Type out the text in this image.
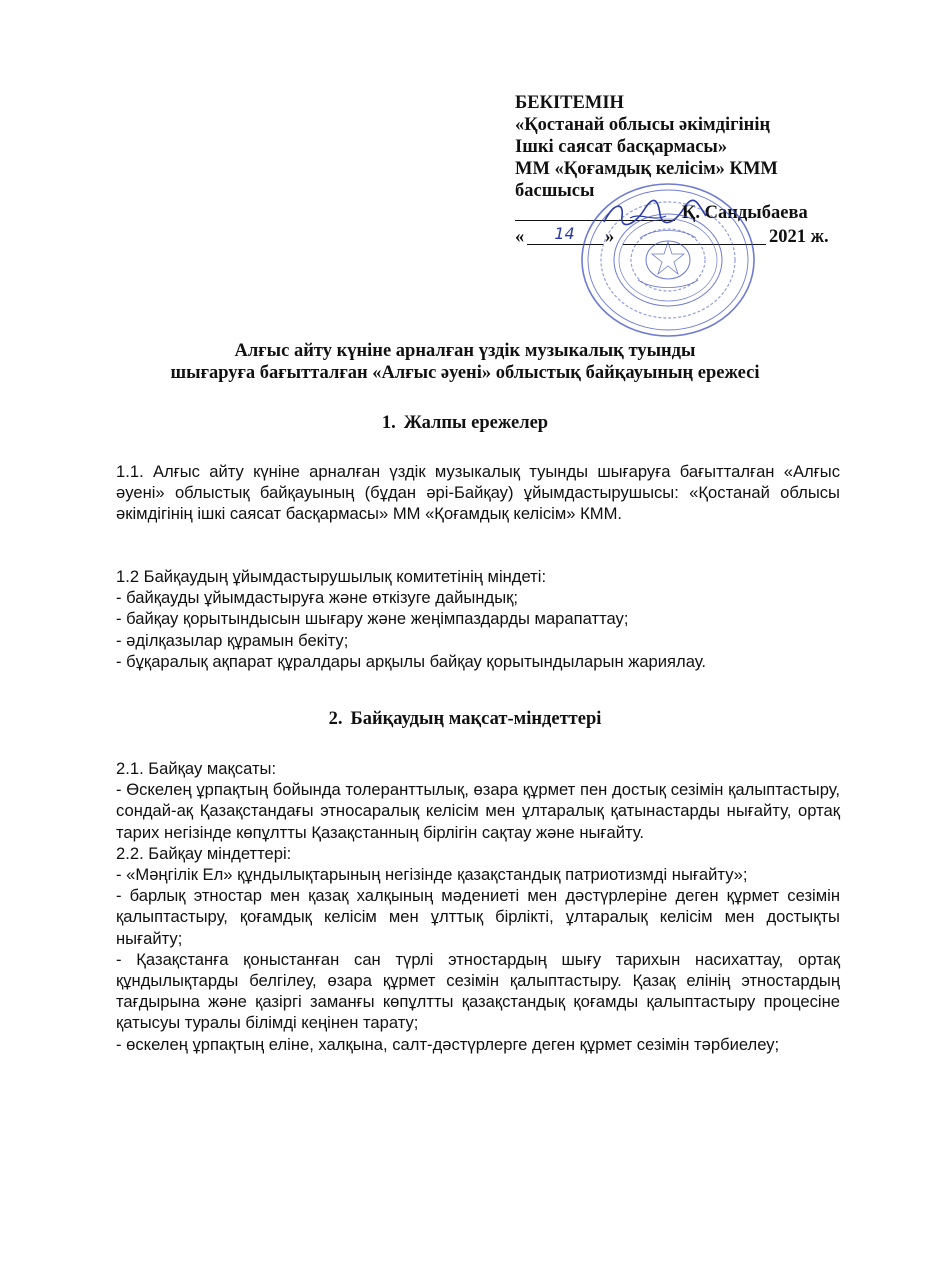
БЕКІТЕМІН
«Қостанай облысы әкімдігінің
Ішкі саясат басқармасы»
ММ «Қоғамдық келісім» КММ
басшысы
Қ. Сандыбаева
«	14	»	2021 ж.
Алғыс айту күніне арналған үздік музыкалық туынды
шығаруға бағытталған «Алғыс әуені» облыстық байқауының ережесі
1. Жалпы ережелер

1.1. Алғыс айту күніне арналған үздік музыкалық туынды шығаруға бағытталған «Алғыс әуені» облыстық байқауының (бұдан әрі-Байқау) ұйымдастырушысы: «Қостанай облысы әкімдігінің ішкі саясат басқармасы» ММ «Қоғамдық келісім» КММ.

1.2 Байқаудың ұйымдастырушылық комитетінің міндеті:

- байқауды ұйымдастыруға және өткізуге дайындық;

- байқау қорытындысын шығару және жеңімпаздарды марапаттау;

- әділқазылар құрамын бекіту;

- бұқаралық ақпарат құралдары арқылы байқау қорытындыларын жариялау.

2. Байқаудың мақсат-міндеттері

2.1. Байқау мақсаты:

- Өскелең ұрпақтың бойында толеранттылық, өзара құрмет пен достық сезімін қалыптастыру, сондай-ақ Қазақстандағы этносаралық келісім мен ұлтаралық қатынастарды нығайту, ортақ тарих негізінде көпұлтты Қазақстанның бірлігін сақтау және нығайту.

2.2. Байқау міндеттері:

- «Мәңгілік Ел» құндылықтарының негізінде қазақстандық патриотизмді нығайту»;

- барлық этностар мен қазақ халқының мәдениеті мен дәстүрлеріне деген құрмет сезімін қалыптастыру, қоғамдық келісім мен ұлттық бірлікті, ұлтаралық келісім мен достықты нығайту;

- Қазақстанға қоныстанған сан түрлі этностардың шығу тарихын насихаттау, ортақ құндылықтарды белгілеу, өзара құрмет сезімін қалыптастыру. Қазақ елінің этностардың тағдырына және қазіргі заманғы көпұлтты қазақстандық қоғамды қалыптастыру процесіне қатысуы туралы білімді кеңінен тарату;

- өскелең ұрпақтың еліне, халқына, салт-дәстүрлерге деген құрмет сезімін тәрбиелеу;
